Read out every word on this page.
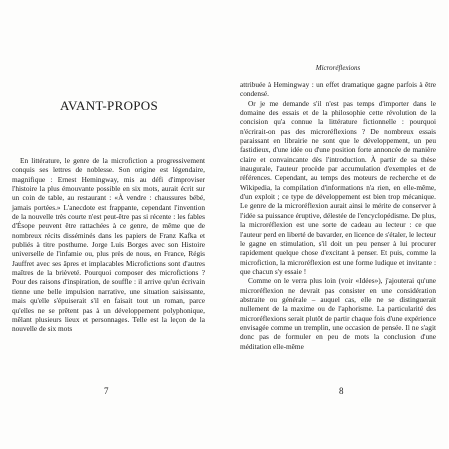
AVANT-PROPOS

En littérature, le genre de la microfiction a progressivement conquis ses lettres de noblesse. Son origine est légendaire, magnifique : Ernest Hemingway, mis au défi d'improviser l'histoire la plus émouvante possible en six mots, aurait écrit sur un coin de table, au restaurant : «À vendre : chaussures bébé, jamais portées.» L'anecdote est frappante, cependant l'invention de la nouvelle très courte n'est peut-être pas si récente : les fables d'Ésope peuvent être rattachées à ce genre, de même que de nombreux récits disséminés dans les papiers de Franz Kafka et publiés à titre posthume. Jorge Luis Borges avec son Histoire universelle de l'infamie ou, plus près de nous, en France, Régis Jauffret avec ses âpres et implacables Microfictions sont d'autres maîtres de la brièveté. Pourquoi composer des microfictions ? Pour des raisons d'inspiration, de souffle : il arrive qu'un écrivain tienne une belle impulsion narrative, une situation saisissante, mais qu'elle s'épuiserait s'il en faisait tout un roman, parce qu'elles ne se prêtent pas à un développement polyphonique, mêlant plusieurs lieux et personnages. Telle est la leçon de la nouvelle de six mots

7
Microréflexions

attribuée à Hemingway : un effet dramatique gagne parfois à être condensé.

Or je me demande s'il n'est pas temps d'importer dans le domaine des essais et de la philosophie cette révolution de la concision qu'a connue la littérature fictionnelle : pourquoi n'écrirait-on pas des microréflexions ? De nombreux essais paraissant en librairie ne sont que le développement, un peu fastidieux, d'une idée ou d'une position forte annoncée de manière claire et convaincante dès l'introduction. À partir de sa thèse inaugurale, l'auteur procède par accumulation d'exemples et de références. Cependant, au temps des moteurs de recherche et de Wikipedia, la compilation d'informations n'a rien, en elle-même, d'un exploit ; ce type de développement est bien trop mécanique. Le genre de la microréflexion aurait ainsi le mérite de conserver à l'idée sa puissance éruptive, délestée de l'encyclopédisme. De plus, la microréflexion est une sorte de cadeau au lecteur : ce que l'auteur perd en liberté de bavarder, en licence de s'étaler, le lecteur le gagne en stimulation, s'il doit un peu penser à lui procurer rapidement quelque chose d'excitant à penser. Et puis, comme la microfiction, la microréflexion est une forme ludique et invitante : que chacun s'y essaie !

Comme on le verra plus loin (voir «Idées»), j'ajouterai qu'une microréflexion ne devrait pas consister en une considération abstraite ou générale – auquel cas, elle ne se distinguerait nullement de la maxime ou de l'aphorisme. La particularité des microréflexions serait plutôt de partir chaque fois d'une expérience envisagée comme un tremplin, une occasion de pensée. Il ne s'agit donc pas de formuler en peu de mots la conclusion d'une méditation elle-même

8
